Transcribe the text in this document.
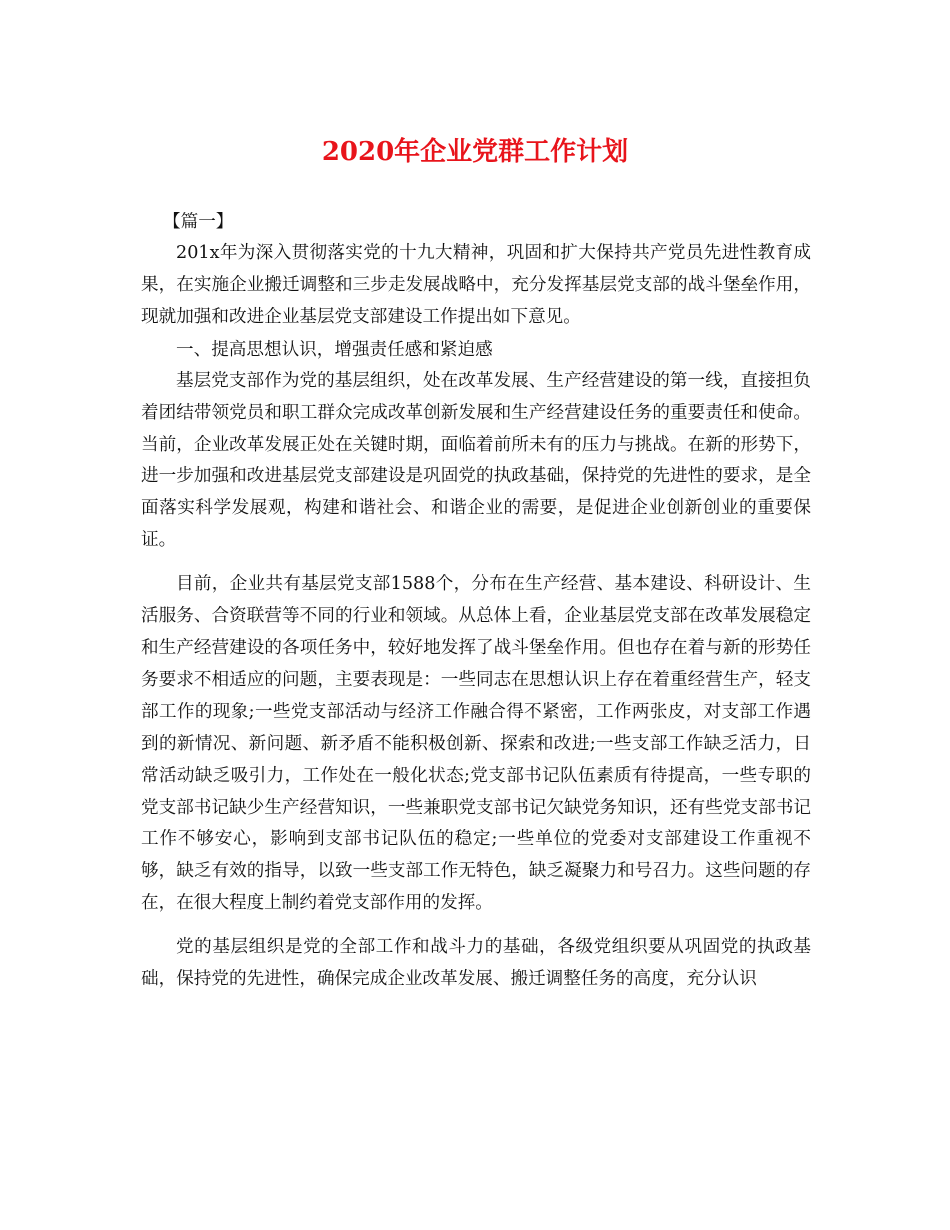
2020年企业党群工作计划

【篇一】

201x年为深入贯彻落实党的十九大精神，巩固和扩大保持共产党员先进性教育成果，在实施企业搬迁调整和三步走发展战略中，充分发挥基层党支部的战斗堡垒作用，现就加强和改进企业基层党支部建设工作提出如下意见。

一、提高思想认识，增强责任感和紧迫感

基层党支部作为党的基层组织，处在改革发展、生产经营建设的第一线，直接担负着团结带领党员和职工群众完成改革创新发展和生产经营建设任务的重要责任和使命。当前，企业改革发展正处在关键时期，面临着前所未有的压力与挑战。在新的形势下，进一步加强和改进基层党支部建设是巩固党的执政基础，保持党的先进性的要求，是全面落实科学发展观，构建和谐社会、和谐企业的需要，是促进企业创新创业的重要保证。

目前，企业共有基层党支部1588个，分布在生产经营、基本建设、科研设计、生活服务、合资联营等不同的行业和领域。从总体上看，企业基层党支部在改革发展稳定和生产经营建设的各项任务中，较好地发挥了战斗堡垒作用。但也存在着与新的形势任务要求不相适应的问题，主要表现是：一些同志在思想认识上存在着重经营生产，轻支部工作的现象;一些党支部活动与经济工作融合得不紧密，工作两张皮，对支部工作遇到的新情况、新问题、新矛盾不能积极创新、探索和改进;一些支部工作缺乏活力，日常活动缺乏吸引力，工作处在一般化状态;党支部书记队伍素质有待提高，一些专职的党支部书记缺少生产经营知识，一些兼职党支部书记欠缺党务知识，还有些党支部书记工作不够安心，影响到支部书记队伍的稳定;一些单位的党委对支部建设工作重视不够，缺乏有效的指导，以致一些支部工作无特色，缺乏凝聚力和号召力。这些问题的存在，在很大程度上制约着党支部作用的发挥。

党的基层组织是党的全部工作和战斗力的基础，各级党组织要从巩固党的执政基础，保持党的先进性，确保完成企业改革发展、搬迁调整任务的高度，充分认识
